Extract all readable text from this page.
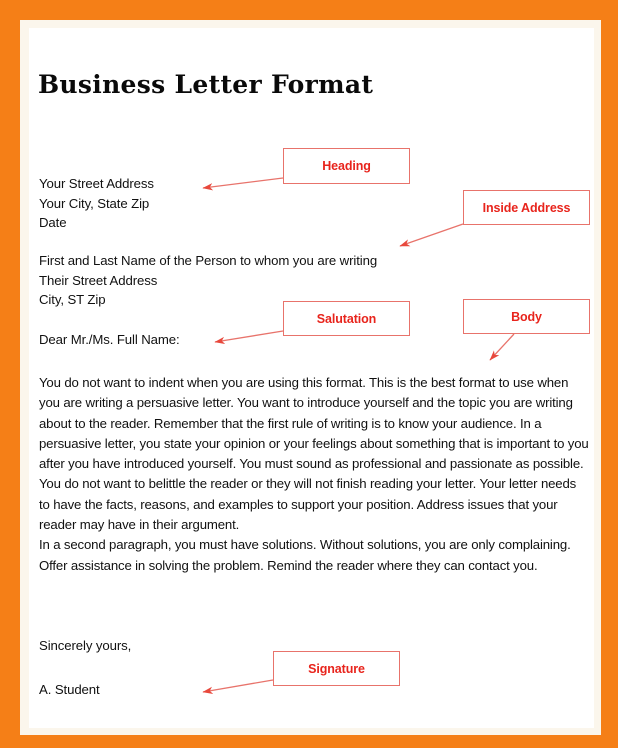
Business Letter Format
Your Street Address
Your City, State Zip
Date
First and Last Name of the Person to whom you are writing
Their Street Address
City, ST Zip
Dear Mr./Ms. Full Name:

You do not want to indent when you are using this format. This is the best format to use when you are writing a persuasive letter. You want to introduce yourself and the topic you are writing about to the reader. Remember that the first rule of writing is to know your audience. In a persuasive letter, you state your opinion or your feelings about something that is important to you after you have introduced yourself. You must sound as professional and passionate as possible. You do not want to belittle the reader or they will not finish reading your letter. Your letter needs to have the facts, reasons, and examples to support your position. Address issues that your reader may have in their argument.

In a second paragraph, you must have solutions. Without solutions, you are only complaining. Offer assistance in solving the problem. Remind the reader where they can contact you.

Sincerely yours,
A. Student
Heading
Inside Address
Salutation	Body
Signature
